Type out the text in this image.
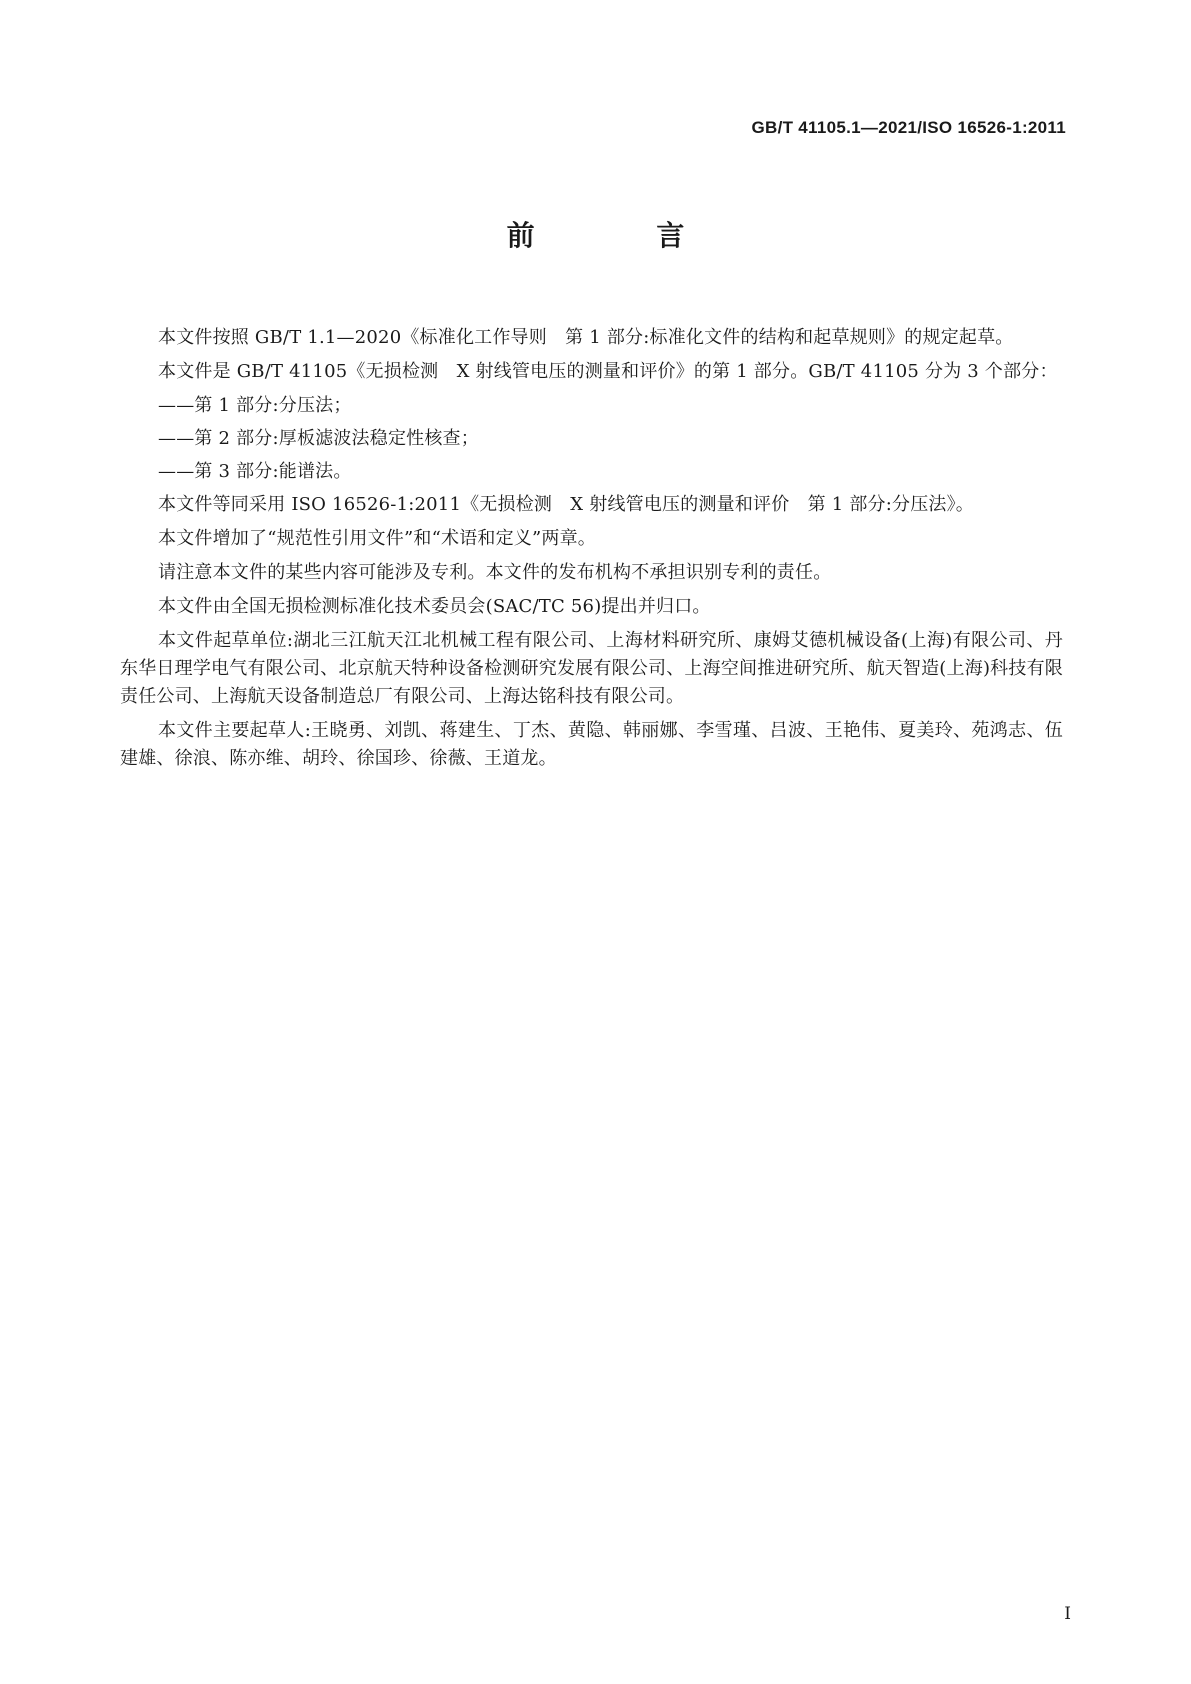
GB/T 41105.1—2021/ISO 16526-1:2011
前 言

本文件按照 GB/T 1.1—2020《标准化工作导则　第 1 部分:标准化文件的结构和起草规则》的规定起草。

本文件是 GB/T 41105《无损检测　X 射线管电压的测量和评价》的第 1 部分。GB/T 41105 分为 3 个部分：

——第 1 部分:分压法；

——第 2 部分:厚板滤波法稳定性核查；

——第 3 部分:能谱法。

本文件等同采用 ISO 16526-1:2011《无损检测　X 射线管电压的测量和评价　第 1 部分:分压法》。

本文件增加了“规范性引用文件”和“术语和定义”两章。

请注意本文件的某些内容可能涉及专利。本文件的发布机构不承担识别专利的责任。

本文件由全国无损检测标准化技术委员会(SAC/TC 56)提出并归口。

本文件起草单位:湖北三江航天江北机械工程有限公司、上海材料研究所、康姆艾德机械设备(上海)有限公司、丹东华日理学电气有限公司、北京航天特种设备检测研究发展有限公司、上海空间推进研究所、航天智造(上海)科技有限责任公司、上海航天设备制造总厂有限公司、上海达铭科技有限公司。

本文件主要起草人:王晓勇、刘凯、蒋建生、丁杰、黄隐、韩丽娜、李雪瑾、吕波、王艳伟、夏美玲、苑鸿志、伍建雄、徐浪、陈亦维、胡玲、徐国珍、徐薇、王道龙。

I
